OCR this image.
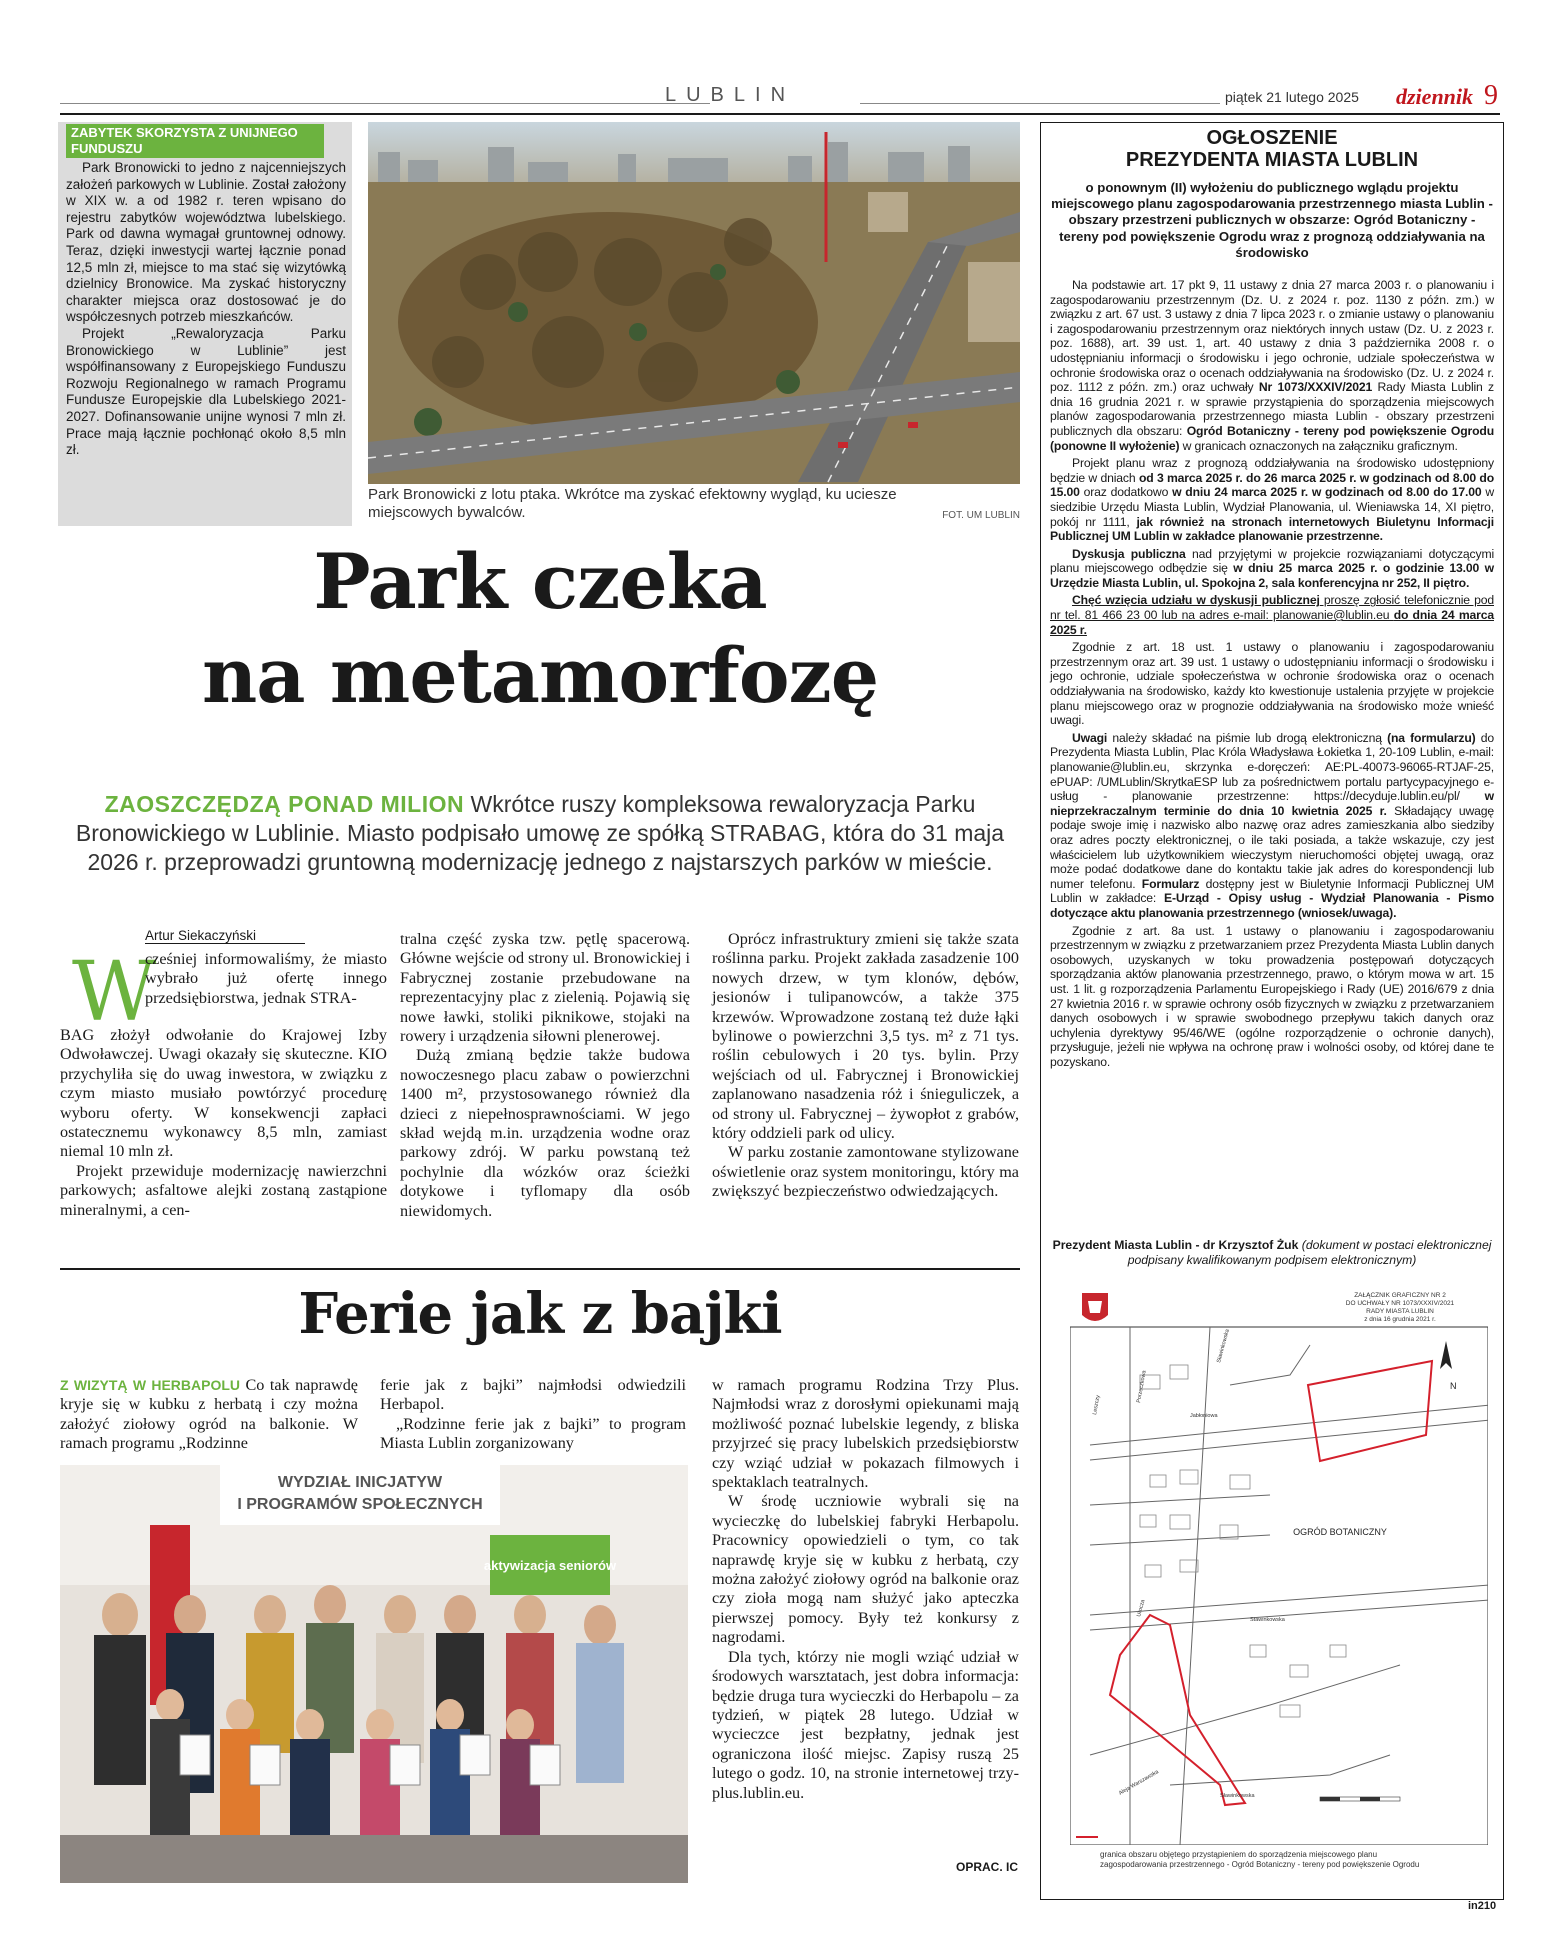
LUBLIN	piątek 21 lutego 2025 dziennik 9
ZABYTEK SKORZYSTA Z UNIJNEGO FUNDUSZU

Park Bronowicki to jedno z najcenniejszych założeń parkowych w Lublinie. Został założony w XIX w. a od 1982 r. teren wpisano do rejestru zabytków województwa lubelskiego. Park od dawna wymagał gruntownej odnowy. Teraz, dzięki inwestycji wartej łącznie ponad 12,5 mln zł, miejsce to ma stać się wizytówką dzielnicy Bronowice. Ma zyskać historyczny charakter miejsca oraz dostosować je do współczesnych potrzeb mieszkańców.

Projekt „Rewaloryzacja Parku Bronowickiego w Lublinie” jest współfinansowany z Europejskiego Funduszu Rozwoju Regionalnego w ramach Programu Fundusze Europejskie dla Lubelskiego 2021-2027. Dofinansowanie unijne wynosi 7 mln zł. Prace mają łącznie pochłonąć około 8,5 mln zł.

Park Bronowicki z lotu ptaka. Wkrótce ma zyskać efektowny wygląd, ku uciesze miejscowych bywalców.	FOT. UM LUBLIN
Park czeka
na metamorfozę
ZAOSZCZĘDZĄ PONAD MILION Wkrótce ruszy kompleksowa rewaloryzacja Parku Bronowickiego w Lublinie. Miasto podpisało umowę ze spółką STRABAG, która do 31 maja 2026 r. przeprowadzi gruntowną modernizację jednego z najstarszych parków w mieście.
Artur Siekaczyński
W
cześniej informowaliśmy, że miasto wybrało już ofertę innego przedsiębiorstwa, jednak STRA-
BAG złożył odwołanie do Krajowej Izby Odwoławczej. Uwagi okazały się skuteczne. KIO przychyliła się do uwag inwestora, w związku z czym miasto musiało powtórzyć procedurę wyboru oferty. W konsekwencji zapłaci ostatecznemu wykonawcy 8,5 mln, zamiast niemal 10 mln zł.

Projekt przewiduje modernizację nawierzchni parkowych; asfaltowe alejki zostaną zastąpione mineralnymi, a cen-

tralna część zyska tzw. pętlę spacerową. Główne wejście od strony ul. Bronowickiej i Fabrycznej zostanie przebudowane na reprezentacyjny plac z zielenią. Pojawią się nowe ławki, stoliki piknikowe, stojaki na rowery i urządzenia siłowni plenerowej.

Dużą zmianą będzie także budowa nowoczesnego placu zabaw o powierzchni 1400 m², przystosowanego również dla dzieci z niepełnosprawnościami. W jego skład wejdą m.in. urządzenia wodne oraz parkowy zdrój. W parku powstaną też pochylnie dla wózków oraz ścieżki dotykowe i tyflomapy dla osób niewidomych.

Oprócz infrastruktury zmieni się także szata roślinna parku. Projekt zakłada zasadzenie 100 nowych drzew, w tym klonów, dębów, jesionów i tulipanowców, a także 375 krzewów. Wprowadzone zostaną też duże łąki bylinowe o powierzchni 3,5 tys. m² z 71 tys. roślin cebulowych i 20 tys. bylin. Przy wejściach od ul. Fabrycznej i Bronowickiej zaplanowano nasadzenia róż i śnieguliczek, a od strony ul. Fabrycznej – żywopłot z grabów, który oddzieli park od ulicy.

W parku zostanie zamontowane stylizowane oświetlenie oraz system monitoringu, który ma zwiększyć bezpieczeństwo odwiedzających.

Ferie jak z bajki
Z WIZYTĄ W HERBAPOLU Co tak naprawdę kryje się w kubku z herbatą i czy można założyć ziołowy ogród na balkonie. W ramach programu „Rodzinne
ferie jak z bajki” najmłodsi odwiedzili Herbapol.

„Rodzinne ferie jak z bajki” to program Miasta Lublin zorganizowany

w ramach programu Rodzina Trzy Plus. Najmłodsi wraz z dorosłymi opiekunami mają możliwość poznać lubelskie legendy, z bliska przyjrzeć się pracy lubelskich przedsiębiorstw czy wziąć udział w pokazach filmowych i spektaklach teatralnych.

W środę uczniowie wybrali się na wycieczkę do lubelskiej fabryki Herbapolu. Pracownicy opowiedzieli o tym, co tak naprawdę kryje się w kubku z herbatą, czy można założyć ziołowy ogród na balkonie oraz czy zioła mogą nam służyć jako apteczka pierwszej pomocy. Były też konkursy z nagrodami.

Dla tych, którzy nie mogli wziąć udział w środowych warsztatach, jest dobra informacja: będzie druga tura wycieczki do Herbapolu – za tydzień, w piątek 28 lutego. Udział w wycieczce jest bezpłatny, jednak jest ograniczona ilość miejsc. Zapisy ruszą 25 lutego o godz. 10, na stronie internetowej trzy-plus.lublin.eu.

WYDZIAŁ INICJATYW
I PROGRAMÓW SPOŁECZNYCH
aktywizacja seniorów
OPRAC. IC
OGŁOSZENIE
PREZYDENTA MIASTA LUBLIN
o ponownym (II) wyłożeniu do publicznego wglądu projektu miejscowego planu zagospodarowania przestrzennego miasta Lublin - obszary przestrzeni publicznych w obszarze: Ogród Botaniczny - tereny pod powiększenie Ogrodu wraz z prognozą oddziaływania na środowisko

Na podstawie art. 17 pkt 9, 11 ustawy z dnia 27 marca 2003 r. o planowaniu i zagospodarowaniu przestrzennym (Dz. U. z 2024 r. poz. 1130 z późn. zm.) w związku z art. 67 ust. 3 ustawy z dnia 7 lipca 2023 r. o zmianie ustawy o planowaniu i zagospodarowaniu przestrzennym oraz niektórych innych ustaw (Dz. U. z 2023 r. poz. 1688), art. 39 ust. 1, art. 40 ustawy z dnia 3 października 2008 r. o udostępnianiu informacji o środowisku i jego ochronie, udziale społeczeństwa w ochronie środowiska oraz o ocenach oddziaływania na środowisko (Dz. U. z 2024 r. poz. 1112 z późn. zm.) oraz uchwały Nr 1073/XXXIV/2021 Rady Miasta Lublin z dnia 16 grudnia 2021 r. w sprawie przystąpienia do sporządzenia miejscowych planów zagospodarowania przestrzennego miasta Lublin - obszary przestrzeni publicznych dla obszaru: Ogród Botaniczny - tereny pod powiększenie Ogrodu (ponowne II wyłożenie) w granicach oznaczonych na załączniku graficznym.

Projekt planu wraz z prognozą oddziaływania na środowisko udostępniony będzie w dniach od 3 marca 2025 r. do 26 marca 2025 r. w godzinach od 8.00 do 15.00 oraz dodatkowo w dniu 24 marca 2025 r. w godzinach od 8.00 do 17.00 w siedzibie Urzędu Miasta Lublin, Wydział Planowania, ul. Wieniawska 14, XI piętro, pokój nr 1111, jak również na stronach internetowych Biuletynu Informacji Publicznej UM Lublin w zakładce planowanie przestrzenne.

Dyskusja publiczna nad przyjętymi w projekcie rozwiązaniami dotyczącymi planu miejscowego odbędzie się w dniu 25 marca 2025 r. o godzinie 13.00 w Urzędzie Miasta Lublin, ul. Spokojna 2, sala konferencyjna nr 252, II piętro.

Chęć wzięcia udziału w dyskusji publicznej proszę zgłosić telefonicznie pod nr tel. 81 466 23 00 lub na adres e-mail: planowanie@lublin.eu do dnia 24 marca 2025 r.

Zgodnie z art. 18 ust. 1 ustawy o planowaniu i zagospodarowaniu przestrzennym oraz art. 39 ust. 1 ustawy o udostępnianiu informacji o środowisku i jego ochronie, udziale społeczeństwa w ochronie środowiska oraz o ocenach oddziaływania na środowisko, każdy kto kwestionuje ustalenia przyjęte w projekcie planu miejscowego oraz w prognozie oddziaływania na środowisko może wnieść uwagi.

Uwagi należy składać na piśmie lub drogą elektroniczną (na formularzu) do Prezydenta Miasta Lublin, Plac Króla Władysława Łokietka 1, 20-109 Lublin, e-mail: planowanie@lublin.eu, skrzynka e-doręczeń: AE:PL-40073-96065-RTJAF-25, ePUAP: /UMLublin/SkrytkaESP lub za pośrednictwem portalu partycypacyjnego e-usług - planowanie przestrzenne: https://decyduje.lublin.eu/pl/ w nieprzekraczalnym terminie do dnia 10 kwietnia 2025 r. Składający uwagę podaje swoje imię i nazwisko albo nazwę oraz adres zamieszkania albo siedziby oraz adres poczty elektronicznej, o ile taki posiada, a także wskazuje, czy jest właścicielem lub użytkownikiem wieczystym nieruchomości objętej uwagą, oraz może podać dodatkowe dane do kontaktu takie jak adres do korespondencji lub numer telefonu. Formularz dostępny jest w Biuletynie Informacji Publicznej UM Lublin w zakładce: E-Urząd - Opisy usług - Wydział Planowania - Pismo dotyczące aktu planowania przestrzennego (wniosek/uwaga).

Zgodnie z art. 8a ust. 1 ustawy o planowaniu i zagospodarowaniu przestrzennym w związku z przetwarzaniem przez Prezydenta Miasta Lublin danych osobowych, uzyskanych w toku prowadzenia postępowań dotyczących sporządzania aktów planowania przestrzennego, prawo, o którym mowa w art. 15 ust. 1 lit. g rozporządzenia Parlamentu Europejskiego i Rady (UE) 2016/679 z dnia 27 kwietnia 2016 r. w sprawie ochrony osób fizycznych w związku z przetwarzaniem danych osobowych i w sprawie swobodnego przepływu takich danych oraz uchylenia dyrektywy 95/46/WE (ogólne rozporządzenie o ochronie danych), przysługuje, jeżeli nie wpływa na ochronę praw i wolności osoby, od której dane te pozyskano.

Prezydent Miasta Lublin - dr Krzysztof Żuk (dokument w postaci elektronicznej podpisany kwalifikowanym podpisem elektronicznym)
ZAŁĄCZNIK GRAFICZNY NR 2
DO UCHWAŁY NR 1073/XXXIV/2021
RADY MIASTA LUBLIN
z dnia 16 grudnia 2021 r.
OGRÓD BOTANICZNY
Sławinkowska
Jabłoniowa
Porzeczkowa
Leszczy
Stawinkowska
Aleja Warszawska
Urocza
Sławinkowska
N
granica obszaru objętego przystąpieniem do sporządzenia miejscowego planu zagospodarowania przestrzennego - Ogród Botaniczny - tereny pod powiększenie Ogrodu
in210
